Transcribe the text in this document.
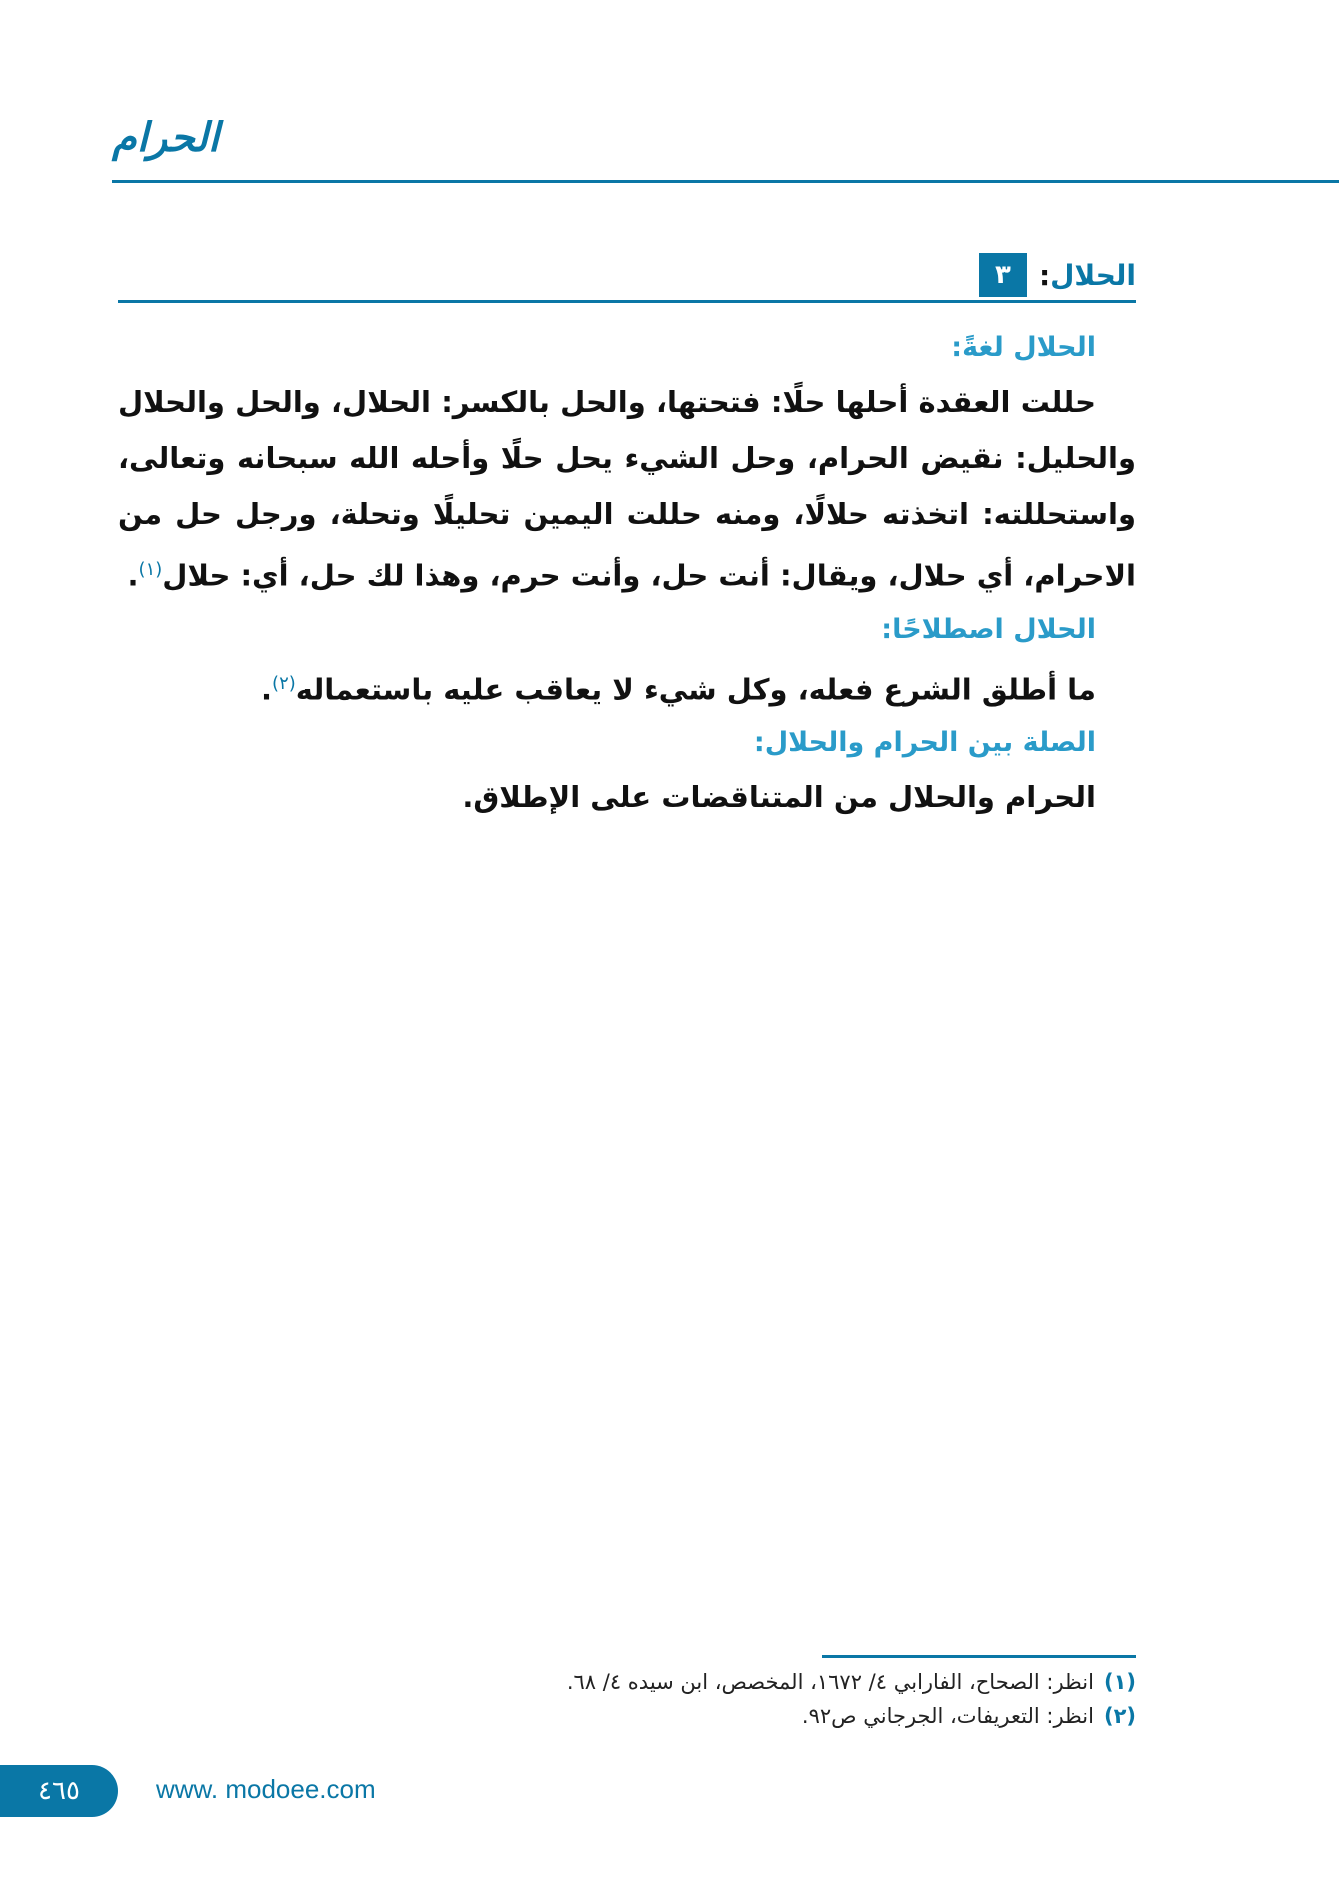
الحرام
٣	الحلال:

الحلال لغةً:

حللت العقدة أحلها حلًا: فتحتها، والحل بالكسر: الحلال، والحل والحلال والحليل: نقيض الحرام، وحل الشيء يحل حلًا وأحله الله سبحانه وتعالى، واستحللته: اتخذته حلالًا، ومنه حللت اليمين تحليلًا وتحلة، ورجل حل من الاحرام، أي حلال، ويقال: أنت حل، وأنت حرم، وهذا لك حل، أي: حلال$^{(١)}$.

الحلال اصطلاحًا:

ما أطلق الشرع فعله، وكل شيء لا يعاقب عليه باستعماله$^{(٢)}$.

الصلة بين الحرام والحلال:

الحرام والحلال من المتناقضات على الإطلاق.

(١)انظر: الصحاح، الفارابي ٤/ ١٦٧٢، المخصص، ابن سيده ٤/ ٦٨.

(٢)انظر: التعريفات، الجرجاني ص٩٢.

٤٦٥	www. modoee.com
